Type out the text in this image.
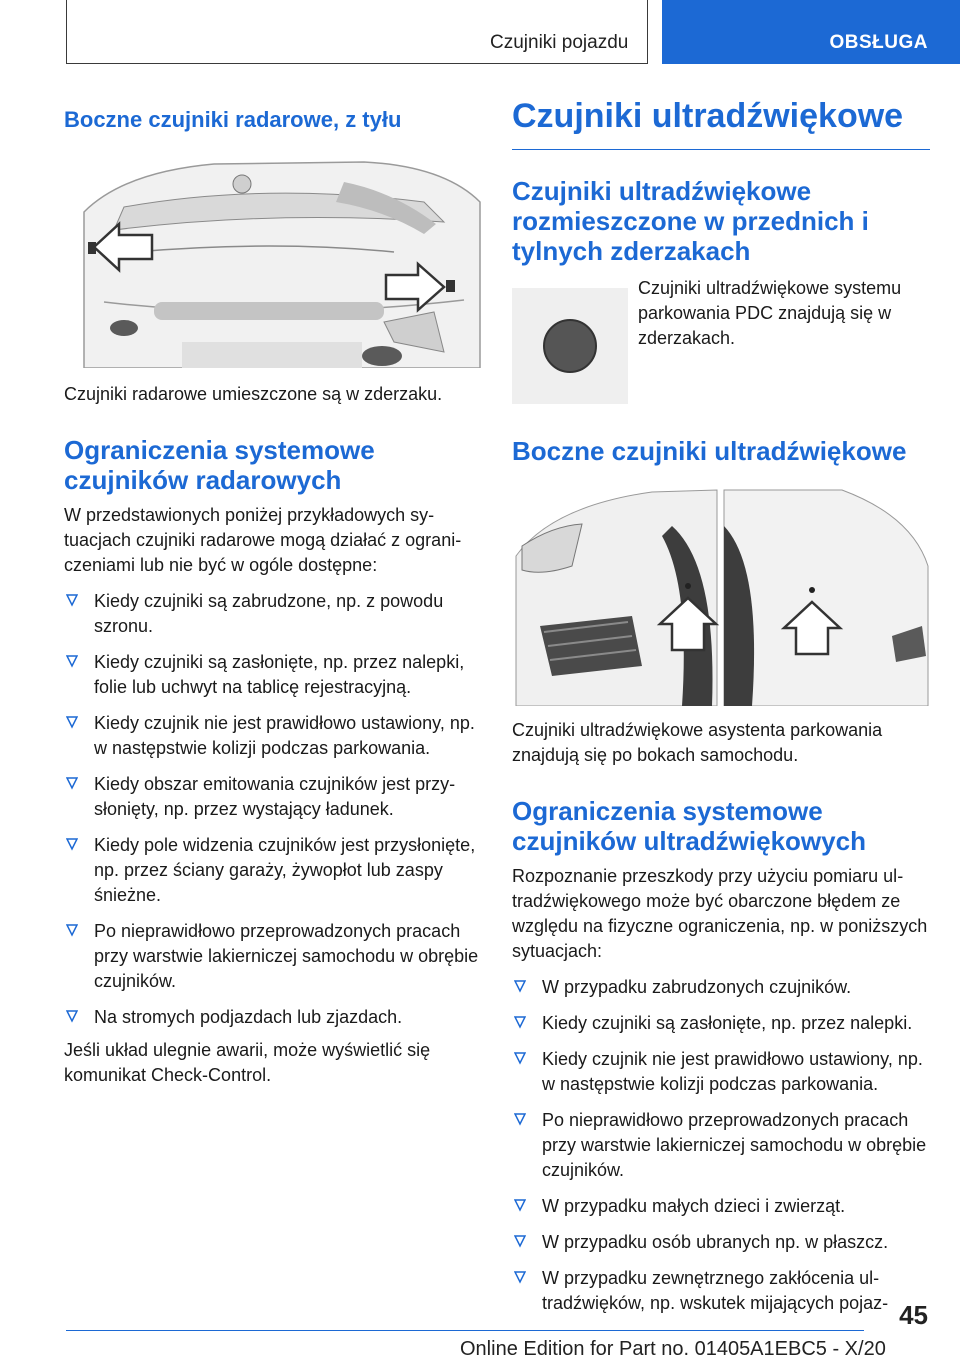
Czujniki pojazdu	OBSŁUGA
Boczne czujniki radarowe, z tyłu

Czujniki radarowe umieszczone są w zderzaku.

Ograniczenia systemowe czujników radarowych

W przedstawionych poniżej przykładowych sytuacjach czujniki radarowe mogą działać z ograniczeniami lub nie być w ogóle dostępne:

Kiedy czujniki są zabrudzone, np. z powodu szronu.
Kiedy czujniki są zasłonięte, np. przez nalepki, folie lub uchwyt na tablicę rejestracyjną.
Kiedy czujnik nie jest prawidłowo ustawiony, np. w następstwie kolizji podczas parkowania.
Kiedy obszar emitowania czujników jest przysłonięty, np. przez wystający ładunek.
Kiedy pole widzenia czujników jest przysłonięte, np. przez ściany garaży, żywopłot lub zaspy śnieżne.
Po nieprawidłowo przeprowadzonych pracach przy warstwie lakierniczej samochodu w obrębie czujników.
Na stromych podjazdach lub zjazdach.

Jeśli układ ulegnie awarii, może wyświetlić się komunikat Check-Control.

Czujniki ultradźwiękowe
Czujniki ultradźwiękowe rozmieszczone w przednich i tylnych zderzakach

Czujniki ultradźwiękowe systemu parkowania PDC znajdują się w zderzakach.

Boczne czujniki ultradźwiękowe

Czujniki ultradźwiękowe asystenta parkowania znajdują się po bokach samochodu.

Ograniczenia systemowe czujników ultradźwiękowych

Rozpoznanie przeszkody przy użyciu pomiaru ultradźwiękowego może być obarczone błędem ze względu na fizyczne ograniczenia, np. w poniższych sytuacjach:

W przypadku zabrudzonych czujników.
Kiedy czujniki są zasłonięte, np. przez nalepki.
Kiedy czujnik nie jest prawidłowo ustawiony, np. w następstwie kolizji podczas parkowania.
Po nieprawidłowo przeprowadzonych pracach przy warstwie lakierniczej samochodu w obrębie czujników.
W przypadku małych dzieci i zwierząt.
W przypadku osób ubranych np. w płaszcz.
W przypadku zewnętrznego zakłócenia ultradźwięków, np. wskutek mijających pojaz- 45
Online Edition for Part no. 01405A1EBC5 - X/20
